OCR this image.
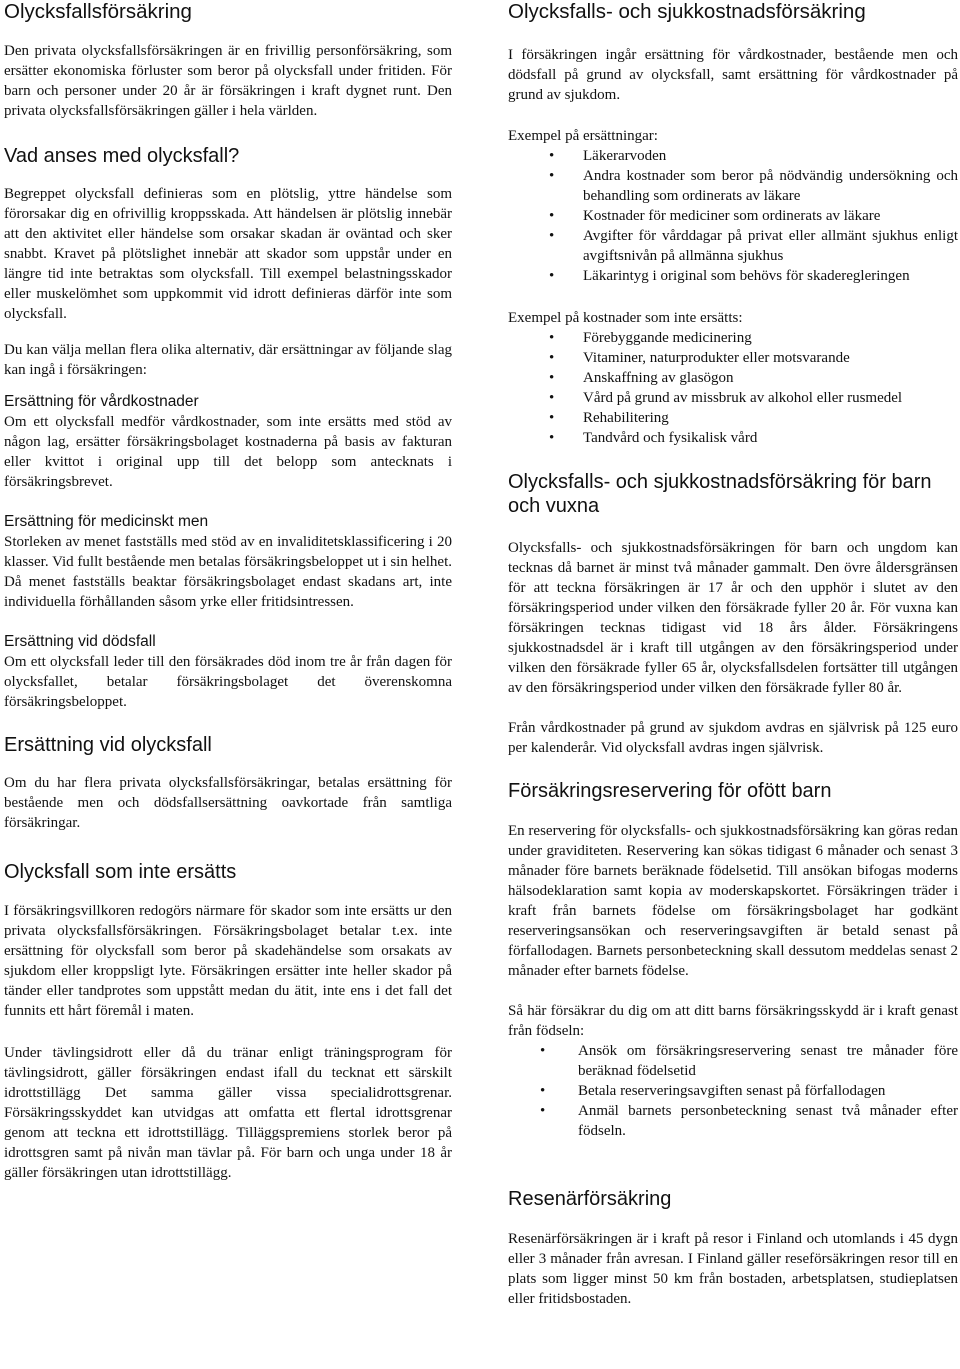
Olycksfallsförsäkring

Den privata olycksfallsförsäkringen är en frivillig personförsäkring, som ersätter ekonomiska förluster som beror på olycksfall under fritiden. För barn och personer under 20 år är försäkringen i kraft dygnet runt. Den privata olycksfallsförsäkringen gäller i hela världen.

Vad anses med olycksfall?

Begreppet olycksfall definieras som en plötslig, yttre händelse som förorsakar dig en ofrivillig kroppsskada. Att händelsen är plötslig innebär att den aktivitet eller händelse som orsakar skadan är oväntad och sker snabbt. Kravet på plötslighet innebär att skador som uppstår under en längre tid inte betraktas som olycksfall. Till exempel belastningsskador eller muskelömhet som uppkommit vid idrott definieras därför inte som olycksfall.

Du kan välja mellan flera olika alternativ, där ersättningar av följande slag kan ingå i försäkringen:

Ersättning för vårdkostnader

Om ett olycksfall medför vårdkostnader, som inte ersätts med stöd av någon lag, ersätter försäkringsbolaget kostnaderna på basis av fakturan eller kvittot i original upp till det belopp som antecknats i försäkringsbrevet.

Ersättning för medicinskt men

Storleken av menet fastställs med stöd av en invaliditetsklassificering i 20 klasser. Vid fullt bestående men betalas försäkringsbeloppet ut i sin helhet. Då menet fastställs beaktar försäkringsbolaget endast skadans art, inte individuella förhållanden såsom yrke eller fritidsintressen.

Ersättning vid dödsfall

Om ett olycksfall leder till den försäkrades död inom tre år från dagen för olycksfallet, betalar försäkringsbolaget det överenskomna försäkringsbeloppet.

Ersättning vid olycksfall

Om du har flera privata olycksfallsförsäkringar, betalas ersättning för bestående men och dödsfallsersättning oavkortade från samtliga försäkringar.

Olycksfall som inte ersätts

I försäkringsvillkoren redogörs närmare för skador som inte ersätts ur den privata olycksfallsförsäkringen. Försäkringsbolaget betalar t.ex. inte ersättning för olycksfall som beror på skadehändelse som orsakats av sjukdom eller kroppsligt lyte. Försäkringen ersätter inte heller skador på tänder eller tandprotes som uppstått medan du ätit, inte ens i det fall det funnits ett hårt föremål i maten.

Under tävlingsidrott eller då du tränar enligt träningsprogram för tävlingsidrott, gäller försäkringen endast ifall du tecknat ett särskilt idrottstillägg Det samma gäller vissa specialidrottsgrenar. Försäkringsskyddet kan utvidgas att omfatta ett flertal idrottsgrenar genom att teckna ett idrottstillägg. Tilläggspremiens storlek beror på idrottsgren samt på nivån man tävlar på. För barn och unga under 18 år gäller försäkringen utan idrottstillägg.

Olycksfalls- och sjukkostnadsförsäkring

I försäkringen ingår ersättning för vårdkostnader, bestående men och dödsfall på grund av olycksfall, samt ersättning för vårdkostnader på grund av sjukdom.

Exempel på ersättningar:

• Läkerarvoden
• Andra kostnader som beror på nödvändig undersökning och behandling som ordinerats av läkare
• Kostnader för mediciner som ordinerats av läkare
• Avgifter för vårddagar på privat eller allmänt sjukhus enligt avgiftsnivån på allmänna sjukhus
• Läkarintyg i original som behövs för skaderegleringen

Exempel på kostnader som inte ersätts:

• Förebyggande medicinering
• Vitaminer, naturprodukter eller motsvarande
• Anskaffning av glasögon
• Vård på grund av missbruk av alkohol eller rusmedel
• Rehabilitering
• Tandvård och fysikalisk vård
Olycksfalls- och sjukkostnadsförsäkring för barn och vuxna

Olycksfalls- och sjukkostnadsförsäkringen för barn och ungdom kan tecknas då barnet är minst två månader gammalt. Den övre åldersgränsen för att teckna försäkringen är 17 år och den upphör i slutet av den försäkringsperiod under vilken den försäkrade fyller 20 år. För vuxna kan försäkringen tecknas tidigast vid 18 års ålder. Försäkringens sjukkostnadsdel är i kraft till utgången av den försäkringsperiod under vilken den försäkrade fyller 65 år, olycksfallsdelen fortsätter till utgången av den försäkringsperiod under vilken den försäkrade fyller 80 år.

Från vårdkostnader på grund av sjukdom avdras en självrisk på 125 euro per kalenderår. Vid olycksfall avdras ingen självrisk.

Försäkringsreservering för ofött barn

En reservering för olycksfalls- och sjukkostnadsförsäkring kan göras redan under graviditeten. Reservering kan sökas tidigast 6 månader och senast 3 månader före barnets beräknade födelsetid. Till ansökan bifogas moderns hälsodeklaration samt kopia av moderskapskortet. Försäkringen träder i kraft från barnets födelse om försäkringsbolaget har godkänt reserveringsansökan och reserveringsavgiften är betald senast på förfallodagen. Barnets personbeteckning skall dessutom meddelas senast 2 månader efter barnets födelse.

Så här försäkrar du dig om att ditt barns försäkringsskydd är i kraft genast från födseln:

• Ansök om försäkringsreservering senast tre månader före beräknad födelsetid
• Betala reserveringsavgiften senast på förfallodagen
• Anmäl barnets personbeteckning senast två månader efter födseln.
Resenärförsäkring

Resenärförsäkringen är i kraft på resor i Finland och utomlands i 45 dygn eller 3 månader från avresan. I Finland gäller reseförsäkringen resor till en plats som ligger minst 50 km från bostaden, arbetsplatsen, studieplatsen eller fritidsbostaden.
